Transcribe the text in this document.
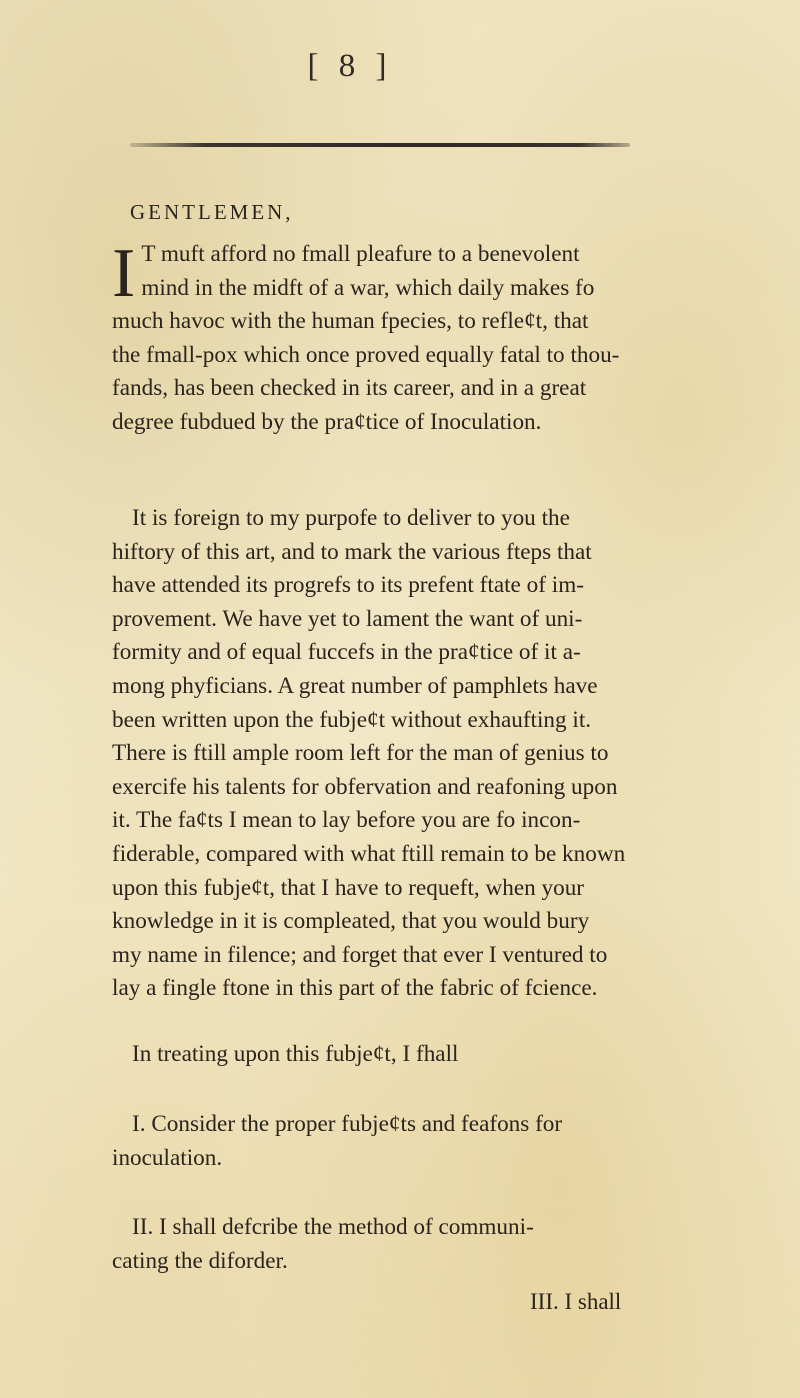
[ 8 ]
GENTLEMEN,
I T muft afford no fmall pleafure to a benevolent
mind in the midft of a war, which daily makes fo
much havoc with the human fpecies, to refleȼt, that
the fmall-pox which once proved equally fatal to thou-
fands, has been checked in its career, and in a great
degree fubdued by the praȼtice of Inoculation.
It is foreign to my purpofe to deliver to you the
hiftory of this art, and to mark the various fteps that
have attended its progrefs to its prefent ftate of im-
provement. We have yet to lament the want of uni-
formity and of equal fuccefs in the praȼtice of it a-
mong phyficians. A great number of pamphlets have
been written upon the fubjeȼt without exhaufting it.
There is ftill ample room left for the man of genius to
exercife his talents for obfervation and reafoning upon
it. The faȼts I mean to lay before you are fo incon-
fiderable, compared with what ftill remain to be known
upon this fubjeȼt, that I have to requeft, when your
knowledge in it is compleated, that you would bury
my name in filence; and forget that ever I ventured to
lay a fingle ftone in this part of the fabric of fcience.
In treating upon this fubjeȼt, I fhall
I. Consider the proper fubjeȼts and feafons for
inoculation.
II. I shall defcribe the method of communi-
cating the diforder.
III. I shall
